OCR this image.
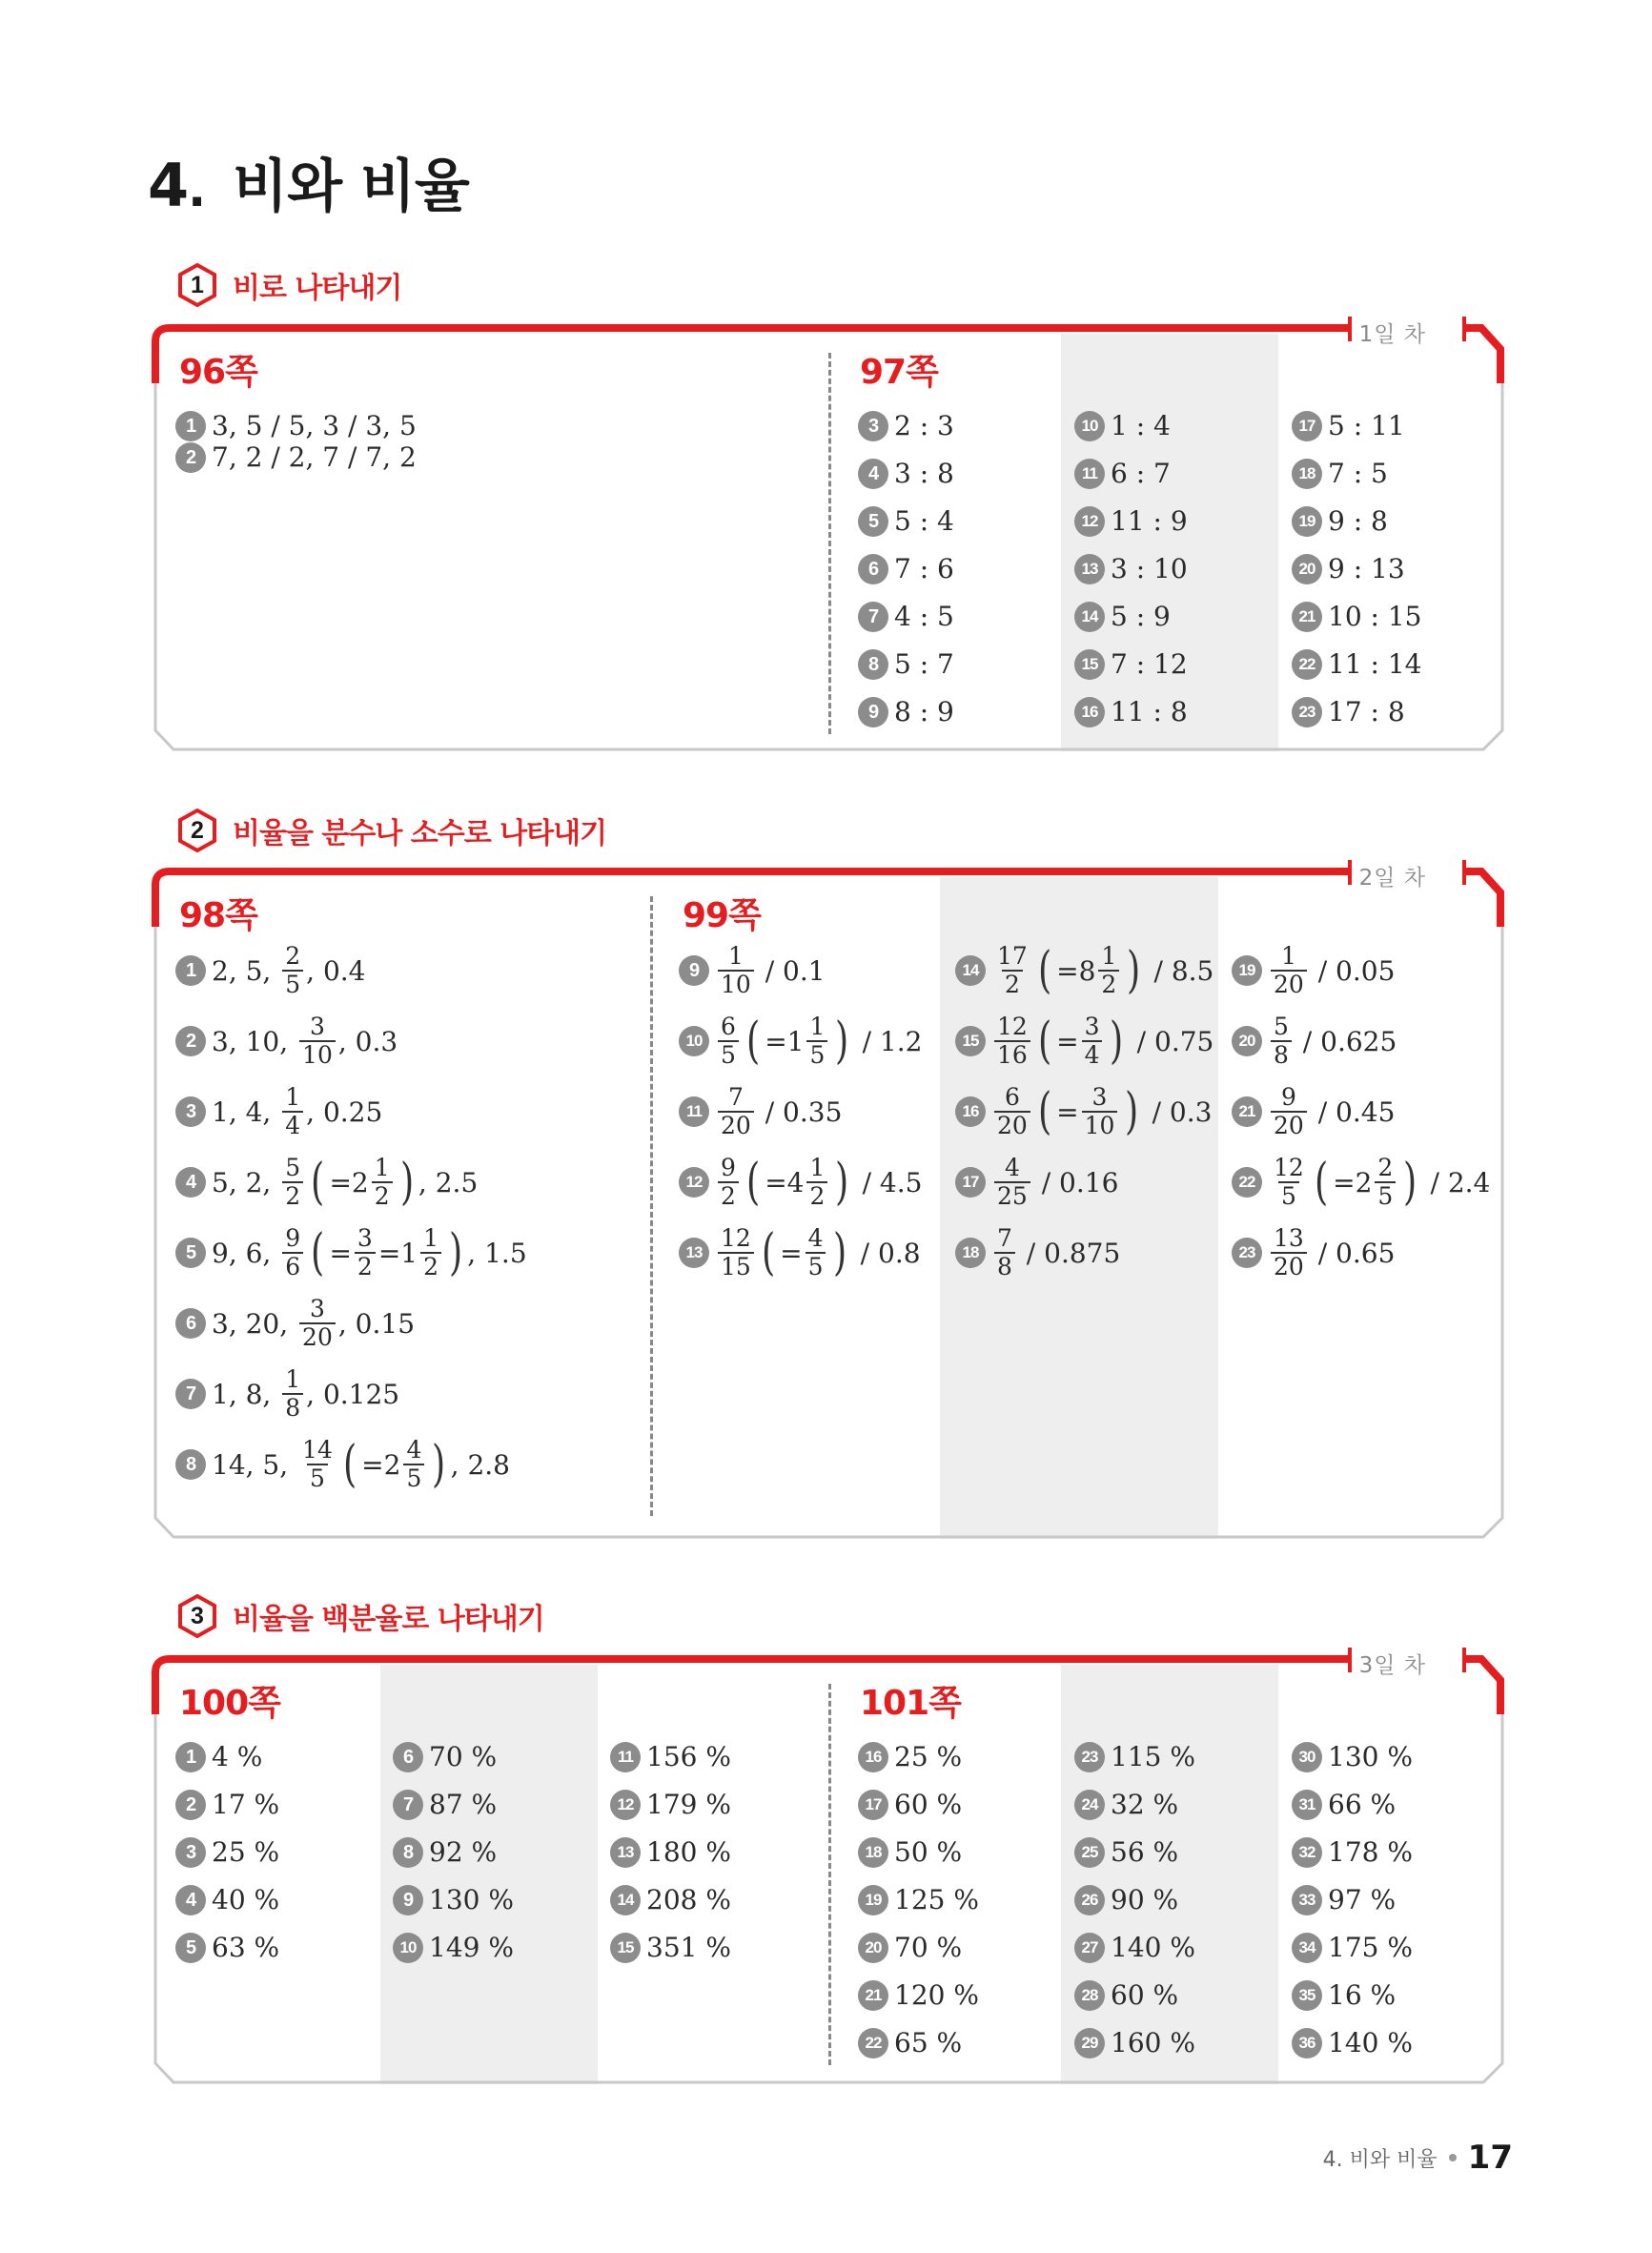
4 . 비와 비율
1	비로 나타내기
1일 차
96쪽	97쪽
1 3, 5 / 5, 3 / 3, 5
2 7, 2 / 2, 7 / 7, 2
3 2 : 3
4 3 : 8
5 5 : 4
6 7 : 6
7 4 : 5
8 5 : 7
9 8 : 9
10 1 : 4
11 6 : 7
12 11 : 9
13 3 : 10
14 5 : 9
15 7 : 12
16 11 : 8
17 5 : 11
18 7 : 5
19 9 : 8
20 9 : 13
21 10 : 15
22 11 : 14
23 17 : 8
2	비율을 분수나 소수로 나타내기
2일 차
98쪽	99쪽
1 2, 5, $\frac{2}{5}$ , 0.4
2 3, 10, $\frac{3}{10}$ , 0.3
3 1, 4, $\frac{1}{4}$ , 0.25
4 5, 2, $\frac{5}{2}$ ( $=2 \frac{1}{2}$ ) , 2.5
5 9, 6, $\frac{9}{6}$ ( = $\frac{3}{2} =1 \frac{1}{2}$ ) , 1.5
6 3, 20, $\frac{3}{20}$ , 0.15
7 1, 8, $\frac{1}{8}$ , 0.125
8 14, 5, $\frac{14}{5}$ ( $=2 \frac{4}{5}$ ) , 2.8
$9 \frac{1}{10} / 0.1$
$10 \frac{6}{5}$ ( $=1 \frac{1}{5}$ ) / 1.2
$11 \frac{7}{20} / 0.35$
$12 \frac{9}{2}$ ( $=4 \frac{1}{2}$ ) / 4.5
$13 \frac{12}{15}$ ( = $\frac{4}{5}$ ) / 0.8
$14 \frac{17}{2}$ ( $=8 \frac{1}{2}$ ) / 8.5
$15 \frac{12}{16}$ ( = $\frac{3}{4}$ ) / 0.75
$16 \frac{6}{20}$ ( = $\frac{3}{10}$ ) / 0.3
$17 \frac{4}{25} / 0.16$
$18 \frac{7}{8} / 0.875$
$19 \frac{1}{20} / 0.05$
$20 \frac{5}{8} / 0.625$
$21 \frac{9}{20} / 0.45$
$22 \frac{12}{5}$ ( $=2 \frac{2}{5}$ ) / 2.4
$23 \frac{13}{20} / 0.65$
3	비율을 백분율로 나타내기
3일 차
100쪽	101쪽
1 4 %
2 17 %
3 25 %
4 40 %
5 63 %
6 70 %
7 87 %
8 92 %
9 130 %
10 149 %
11 156 %
12 179 %
13 180 %
14 208 %
15 351 %
16 25 %
17 60 %
18 50 %
19 125 %
20 70 %
21 120 %
22 65 %
23 115 %
24 32 %
25 56 %
26 90 %
27 140 %
28 60 %
29 160 %
30 130 %
31 66 %
32 178 %
33 97 %
34 175 %
35 16 %
36 140 %
4. 비와 비율 17
